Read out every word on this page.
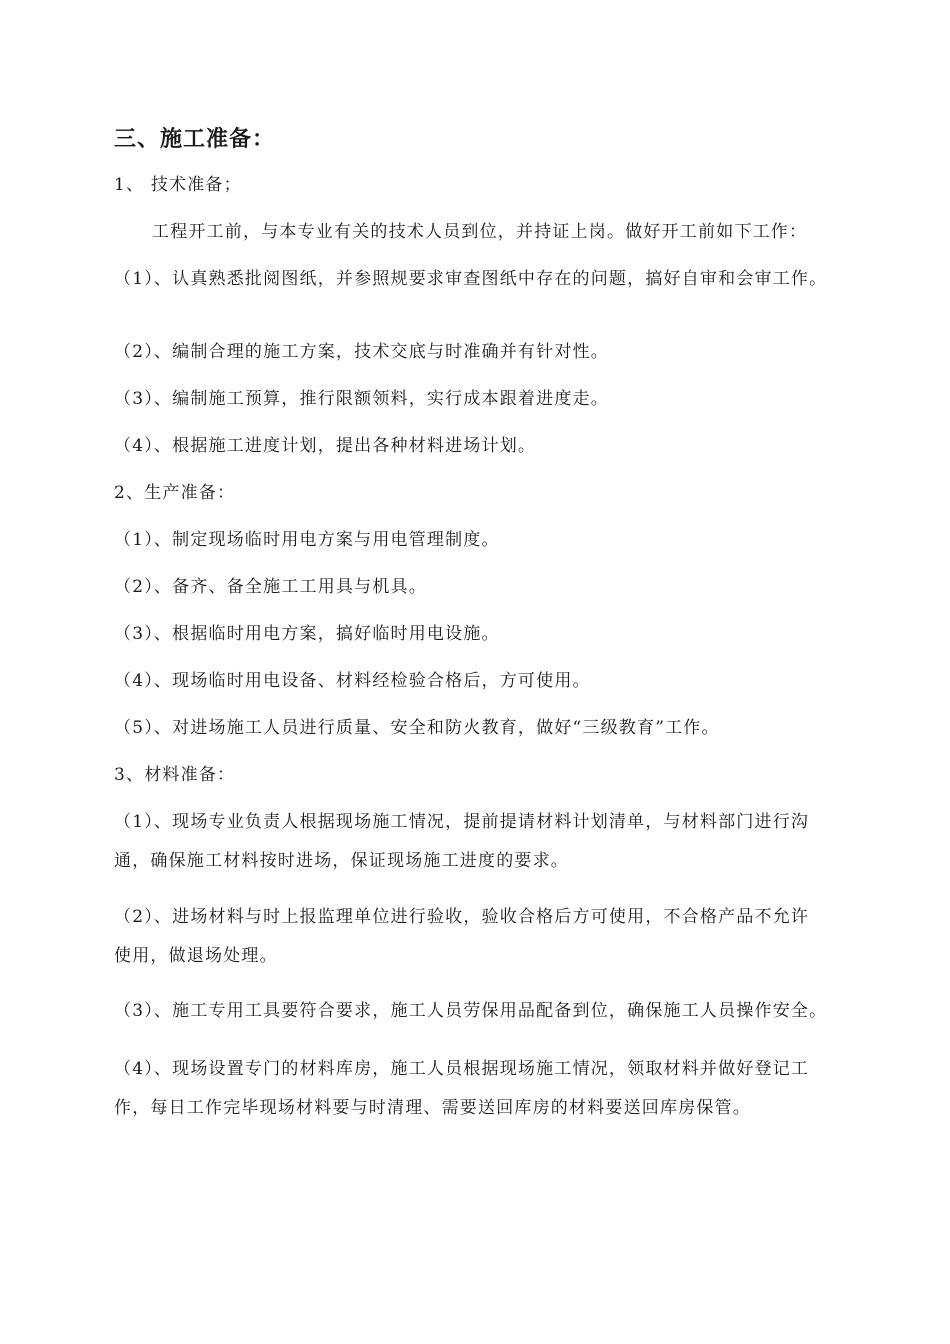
三、施工准备：
1、 技术准备；
工程开工前，与本专业有关的技术人员到位，并持证上岗。做好开工前如下工作：
（1）、认真熟悉批阅图纸，并参照规要求审查图纸中存在的问题，搞好自审和会审工作。
（2）、编制合理的施工方案，技术交底与时准确并有针对性。
（3）、编制施工预算，推行限额领料，实行成本跟着进度走。
（4）、根据施工进度计划，提出各种材料进场计划。
2、生产准备：
（1）、制定现场临时用电方案与用电管理制度。
（2）、备齐、备全施工工用具与机具。
（3）、根据临时用电方案，搞好临时用电设施。
（4）、现场临时用电设备、材料经检验合格后，方可使用。
（5）、对进场施工人员进行质量、安全和防火教育，做好“三级教育”工作。
3、材料准备：
（1）、现场专业负责人根据现场施工情况，提前提请材料计划清单，与材料部门进行沟
通，确保施工材料按时进场，保证现场施工进度的要求。
（2）、进场材料与时上报监理单位进行验收，验收合格后方可使用，不合格产品不允许
使用，做退场处理。
（3）、施工专用工具要符合要求，施工人员劳保用品配备到位，确保施工人员操作安全。
（4）、现场设置专门的材料库房，施工人员根据现场施工情况，领取材料并做好登记工
作，每日工作完毕现场材料要与时清理、需要送回库房的材料要送回库房保管。
